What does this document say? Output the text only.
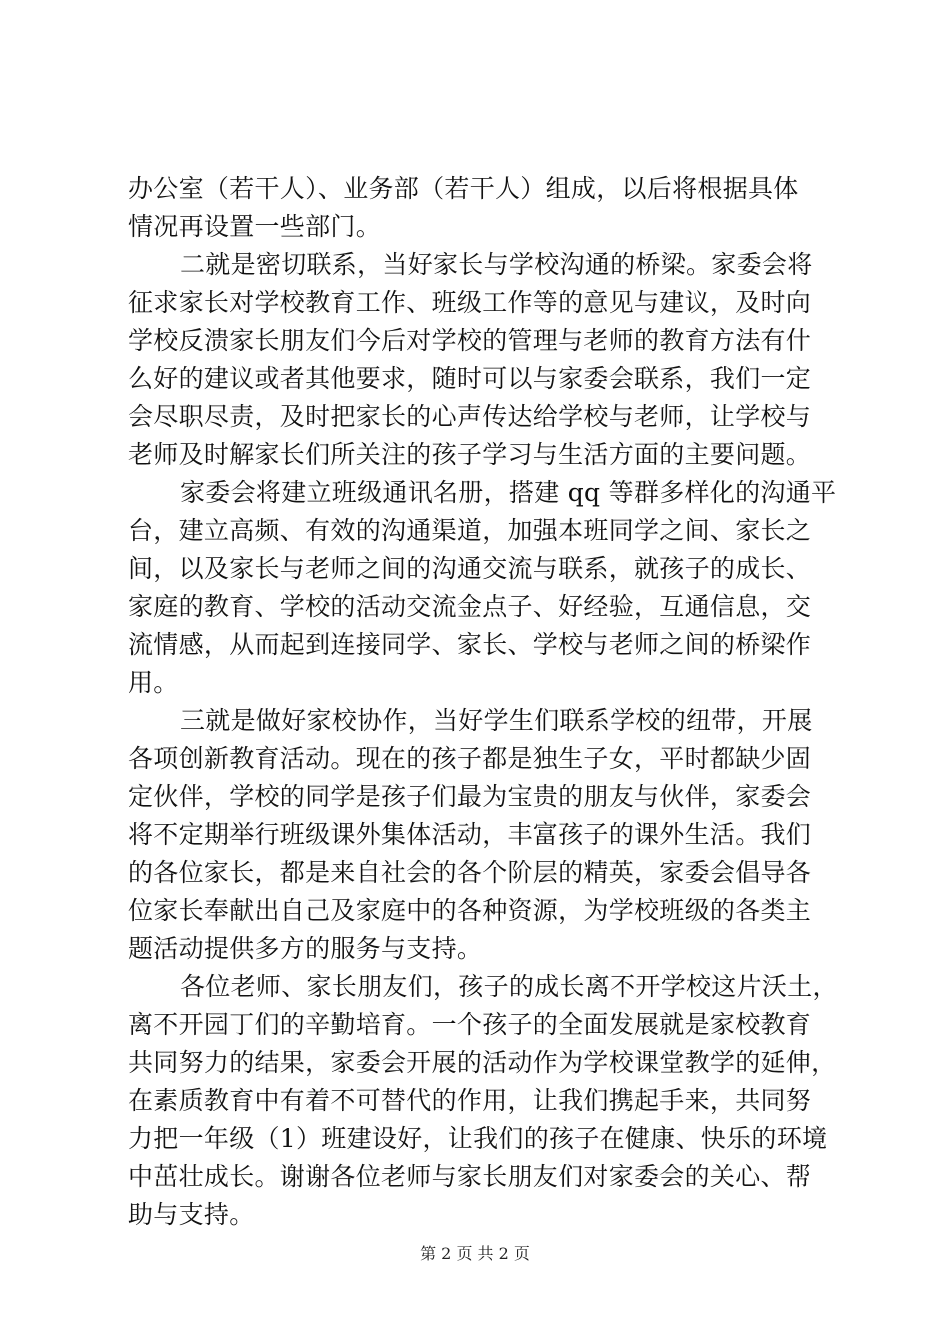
办公室（若干人）、业务部（若干人）组成，以后将根据具体
情况再设置一些部门。
二就是密切联系，当好家长与学校沟通的桥梁。家委会将
征求家长对学校教育工作、班级工作等的意见与建议，及时向
学校反溃家长朋友们今后对学校的管理与老师的教育方法有什
么好的建议或者其他要求，随时可以与家委会联系，我们一定
会尽职尽责，及时把家长的心声传达给学校与老师，让学校与
老师及时解家长们所关注的孩子学习与生活方面的主要问题。
家委会将建立班级通讯名册，搭建 qq 等群多样化的沟通平
台，建立高频、有效的沟通渠道，加强本班同学之间、家长之
间，以及家长与老师之间的沟通交流与联系，就孩子的成长、
家庭的教育、学校的活动交流金点子、好经验，互通信息，交
流情感，从而起到连接同学、家长、学校与老师之间的桥梁作
用。
三就是做好家校协作，当好学生们联系学校的纽带，开展
各项创新教育活动。现在的孩子都是独生子女，平时都缺少固
定伙伴，学校的同学是孩子们最为宝贵的朋友与伙伴，家委会
将不定期举行班级课外集体活动，丰富孩子的课外生活。我们
的各位家长，都是来自社会的各个阶层的精英，家委会倡导各
位家长奉献出自己及家庭中的各种资源，为学校班级的各类主
题活动提供多方的服务与支持。
各位老师、家长朋友们，孩子的成长离不开学校这片沃土，
离不开园丁们的辛勤培育。一个孩子的全面发展就是家校教育
共同努力的结果，家委会开展的活动作为学校课堂教学的延伸，
在素质教育中有着不可替代的作用，让我们携起手来，共同努
力把一年级（1）班建设好，让我们的孩子在健康、快乐的环境
中茁壮成长。谢谢各位老师与家长朋友们对家委会的关心、帮
助与支持。
第 2 页 共 2 页
